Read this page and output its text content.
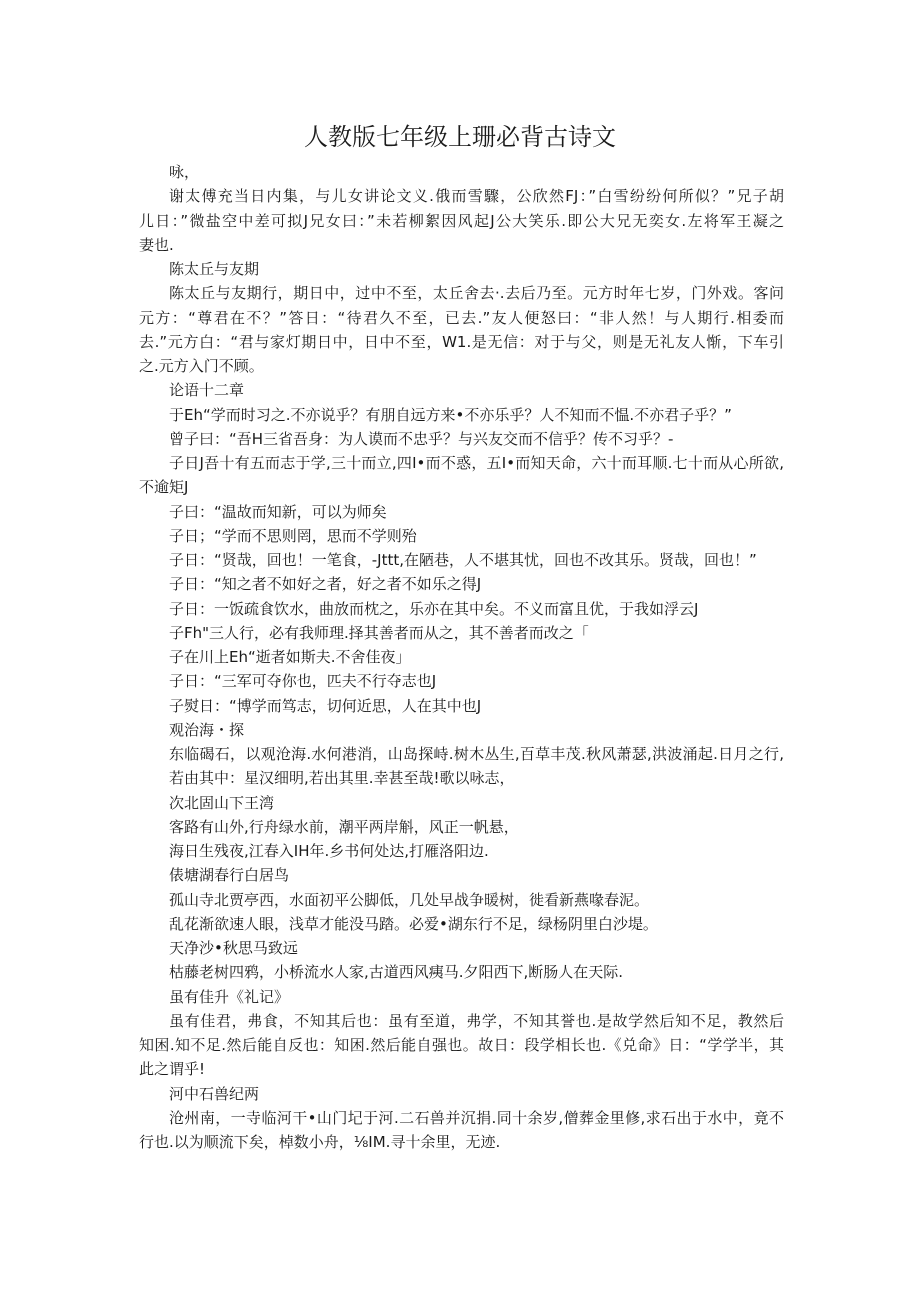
人教版七年级上珊必背古诗文

咏，

谢太傅充当日内集，与儿女讲论文义.俄而雪驟，公欣然FJ：”白雪纷纷何所似？”兄子胡

儿日：”微盐空中差可拟J兄女曰：”未若柳絮因风起J公大笑乐.即公大兄无奕女.左将军王凝之

妻也.

陈太丘与友期

陈太丘与友期行，期日中，过中不至，太丘舍去·.去后乃至。元方时年七岁，门外戏。客问

元方：“尊君在不？”答日：“待君久不至，已去.”友人便怒曰：“非人然！与人期行.相委而

去.”元方白：“君与家灯期日中，日中不至，W1.是无信：对于与父，则是无礼友人惭，下车引

之.元方入门不顾。

论语十二章

于Eh“学而时习之.不亦说乎？有朋自远方来•不亦乐乎？人不知而不愠.不亦君子乎？”

曾子曰：“吾H三省吾身：为人谟而不忠乎？与兴友交而不信乎？传不习乎？-

子日J吾十有五而志于学,三十而立,四I•而不惑，五I•而知天命，六十而耳顺.七十而从心所欲,

不逾矩J

子曰：“温故而知新，可以为师矣

子日；“学而不思则罔，思而不学则殆

子日：“贤哉，回也！一笔食，-Jttt,在陋巷，人不堪其忧，回也不改其乐。贤哉，回也！”

子日：“知之者不如好之者，好之者不如乐之得J

子日：一饭疏食饮水，曲放而枕之，乐亦在其中矣。不义而富且优，于我如浮云J

子Fh"三人行，必有我师理.择其善者而从之，其不善者而改之「

子在川上Eh“逝者如斯夫.不舍佳夜」

子日：“三军可夺你也，匹夫不行夺志也J

子熨日：“博学而笃志，切何近思，人在其中也J

观治海・探

东临碣石，以观沧海.水何港消，山岛探峙.树木丛生,百草丰茂.秋风萧瑟,洪波涌起.日月之行,

若由其中：星汉细明,若出其里.幸甚至哉!歌以咏志，

次北固山下王湾

客路有山外,行舟绿水前，潮平两岸斛，风正一帆悬，

海日生残夜,江春入IH年.乡书何处达,打雁洛阳边.

俵塘湖春行白居鸟

孤山寺北贾亭西，水面初平公脚低，几处早战争暖树，徙看新燕喙春泥。

乱花渐欲速人眼，浅草才能没马踏。必爱•湖东行不足，绿杨阴里白沙堤。

天净沙•秋思马致远

枯藤老树四鸦，小桥流水人家,古道西风痍马.夕阳西下,断肠人在天际.

虽有佳升《礼记》

虽有佳君，弗食，不知其后也：虽有至道，弗学，不知其誉也.是故学然后知不足，教然后

知困.知不足.然后能自反也：知困.然后能自强也。故日：段学相长也.《兑命》日：“学学半，其

此之谓乎!

河中石兽纪两

沧州南，一寺临河干•山门圮于河.二石兽并沉捐.同十余岁,僧葬金里修,求石出于水中，竟不

行也.以为顺流下矣，棹数小舟，⅛IM.寻十余里，无迹.
